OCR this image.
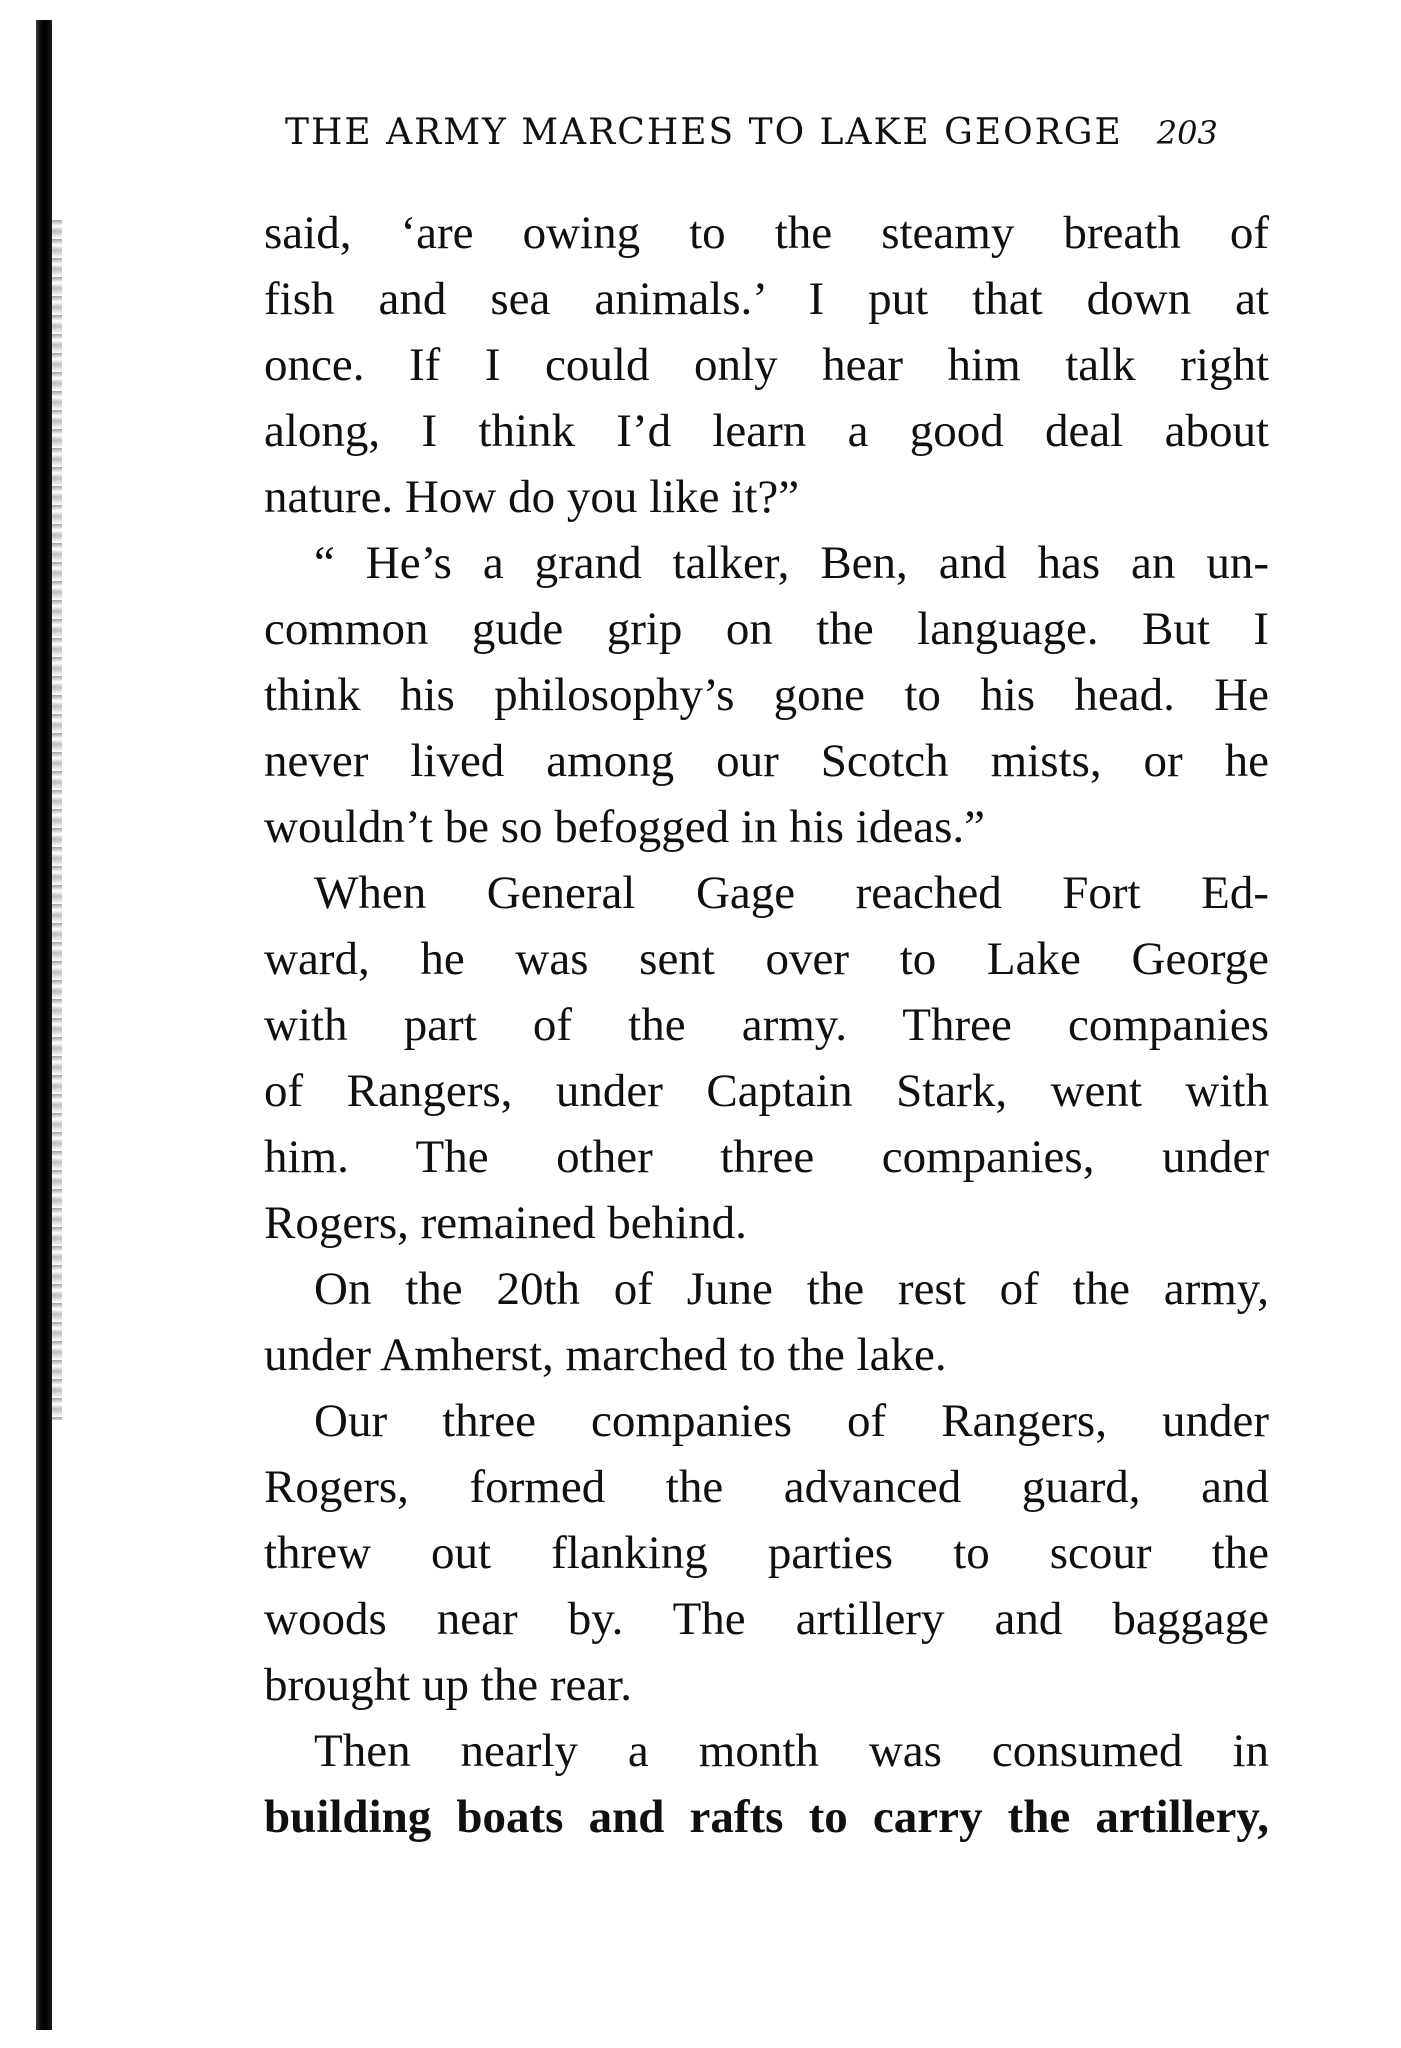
THE ARMY MARCHES TO LAKE GEORGE 203
said, ‘are owing to the steamy breath of
fish and sea animals.’ I put that down at
once. If I could only hear him talk right
along, I think I’d learn a good deal about
nature. How do you like it?”
“ He’s a grand talker, Ben, and has an un-
common gude grip on the language. But I
think his philosophy’s gone to his head. He
never lived among our Scotch mists, or he
wouldn’t be so befogged in his ideas.”
When General Gage reached Fort Ed-
ward, he was sent over to Lake George
with part of the army. Three companies
of Rangers, under Captain Stark, went with
him. The other three companies, under
Rogers, remained behind.
On the 20th of June the rest of the army,
under Amherst, marched to the lake.
Our three companies of Rangers, under
Rogers, formed the advanced guard, and
threw out flanking parties to scour the
woods near by. The artillery and baggage
brought up the rear.
Then nearly a month was consumed in
building boats and rafts to carry the artillery,
